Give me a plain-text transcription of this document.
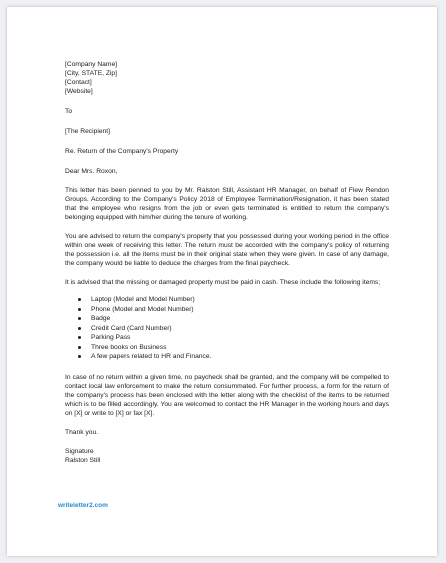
[Company Name]
[City, STATE, Zip]
[Contact]
[Website]
To
[The Recipient]
Re. Return of the Company's Property
Dear Mrs. Roxon,
This letter has been penned to you by Mr. Ralston Still, Assistant HR Manager, on behalf of Flew Rendon Groups. According to the Company's Policy 2018 of Employee Termination/Resignation, it has been stated that the employee who resigns from the job or even gets terminated is entitled to return the company's belonging equipped with him/her during the tenure of working.
You are advised to return the company's property that you possessed during your working period in the office within one week of receiving this letter. The return must be accorded with the company's policy of returning the possession i.e. all the items must be in their original state when they were given. In case of any damage, the company would be liable to deduce the charges from the final paycheck.
It is advised that the missing or damaged property must be paid in cash. These include the following items;
Laptop (Model and Model Number)
Phone (Model and Model Number)
Badge
Credit Card (Card Number)
Parking Pass
Three books on Business
A few papers related to HR and Finance.
In case of no return within a given time, no paycheck shall be granted, and the company will be compelled to contact local law enforcement to make the return consummated. For further process, a form for the return of the company's process has been enclosed with the letter along with the checklist of the items to be returned which is to be filled accordingly. You are welcomed to contact the HR Manager in the working hours and days on [X] or write to [X] or fax [X].
Thank you.
Signature
Ralston Still
writeletter2.com
